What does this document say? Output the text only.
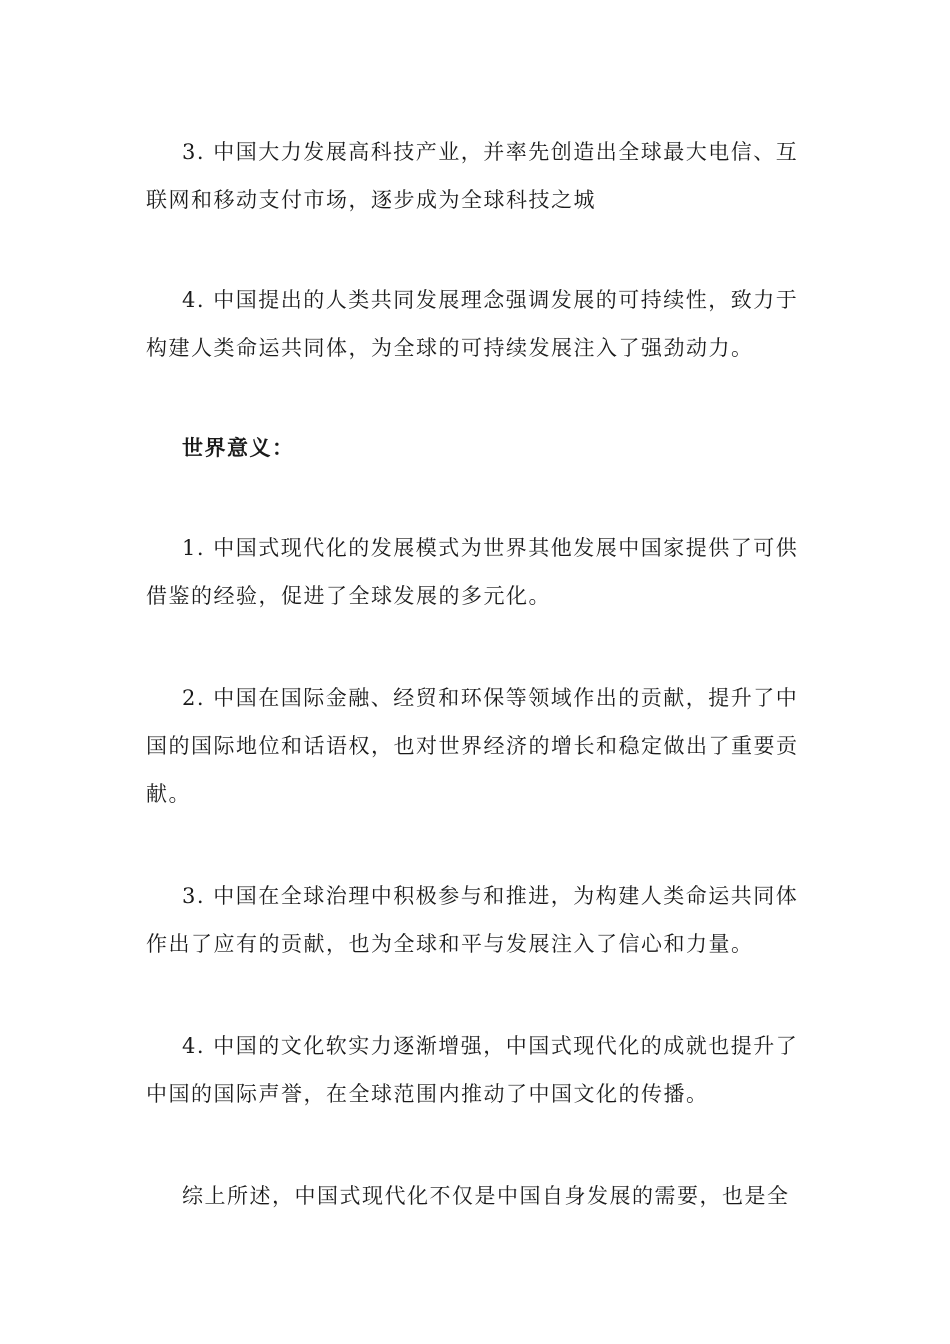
3. 中国大力发展高科技产业，并率先创造出全球最大电信、互联网和移动支付市场，逐步成为全球科技之城

4. 中国提出的人类共同发展理念强调发展的可持续性，致力于构建人类命运共同体，为全球的可持续发展注入了强劲动力。

世界意义：

1. 中国式现代化的发展模式为世界其他发展中国家提供了可供借鉴的经验，促进了全球发展的多元化。

2. 中国在国际金融、经贸和环保等领域作出的贡献，提升了中国的国际地位和话语权，也对世界经济的增长和稳定做出了重要贡献。

3. 中国在全球治理中积极参与和推进，为构建人类命运共同体作出了应有的贡献，也为全球和平与发展注入了信心和力量。

4. 中国的文化软实力逐渐增强，中国式现代化的成就也提升了中国的国际声誉，在全球范围内推动了中国文化的传播。

综上所述，中国式现代化不仅是中国自身发展的需要，也是全
